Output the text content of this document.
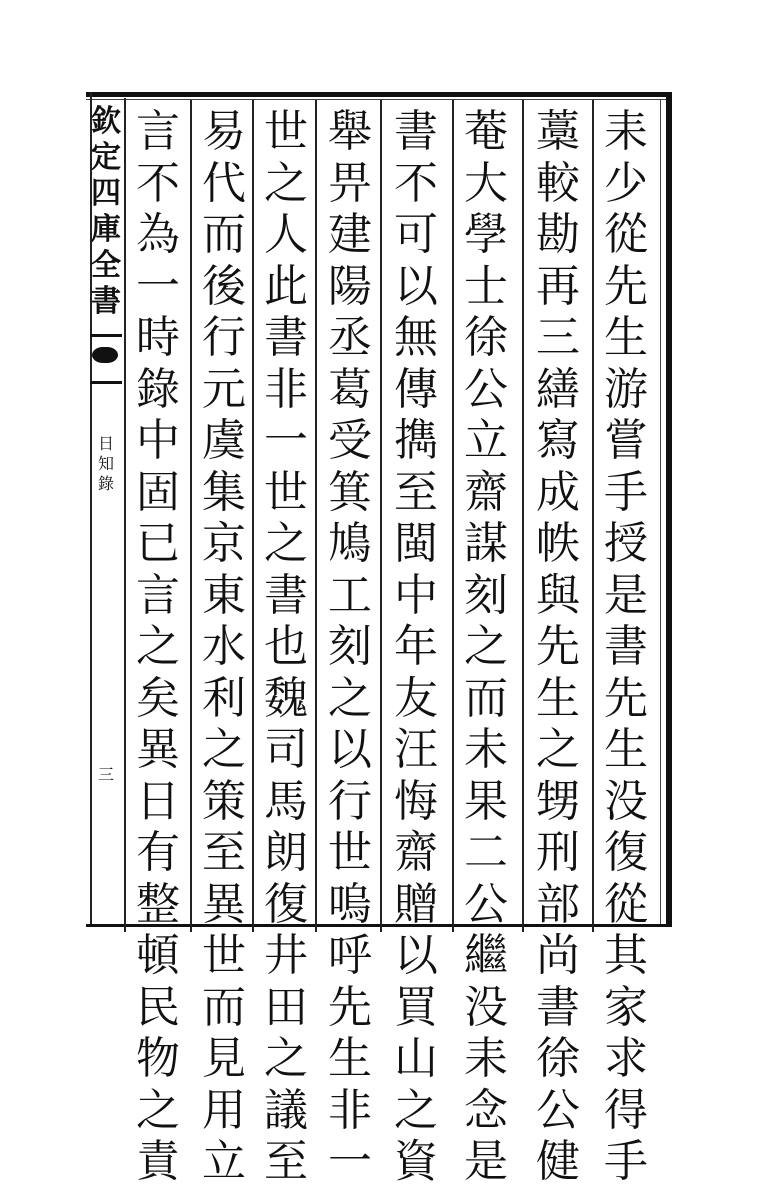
欽定四庫全書
日知錄
三
耒少從先生游嘗手授是書先生没復從其家求得手
藁較勘再三繕寫成帙與先生之甥刑部尚書徐公健
菴大學士徐公立齋謀刻之而未果二公繼没耒念是
書不可以無傳擕至閩中年友汪悔齋贈以買山之資
舉畀建陽丞葛受箕鳩工刻之以行世嗚呼先生非一
世之人此書非一世之書也魏司馬朗復井田之議至
易代而後行元虞集京東水利之策至異世而見用立
言不為一時錄中固已言之矣異日有整頓民物之責
